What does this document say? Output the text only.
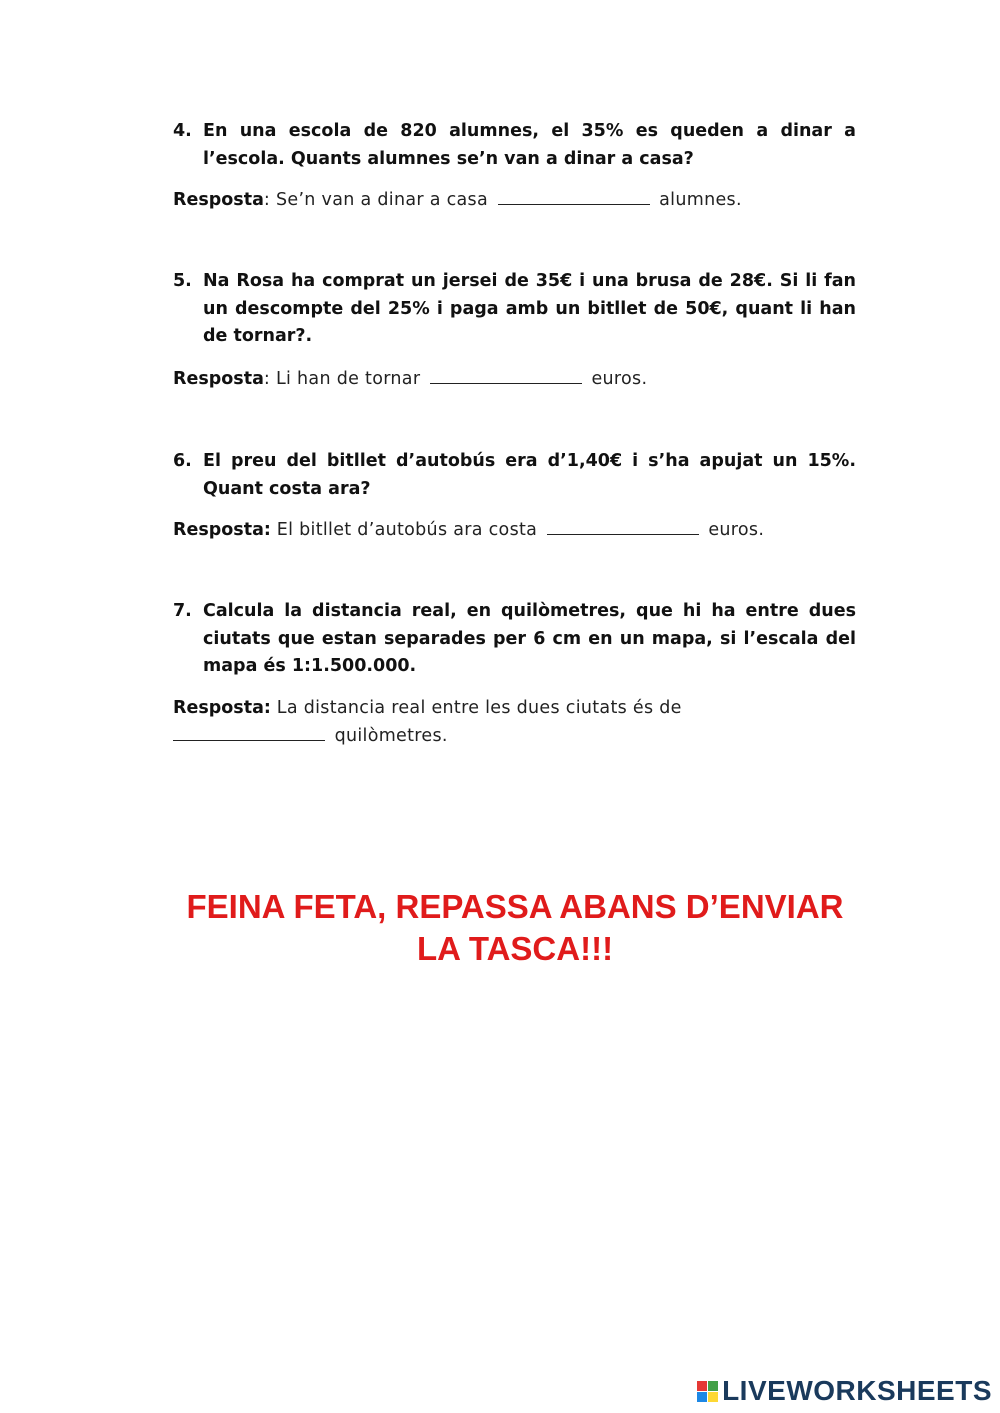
4. En una escola de 820 alumnes, el 35% es queden a dinar a l’escola. Quants alumnes se’n van a dinar a casa?
Resposta: Se’n van a dinar a casa	alumnes.
5. Na Rosa ha comprat un jersei de 35€ i una brusa de 28€. Si li fan un descompte del 25% i paga amb un bitllet de 50€, quant li han de tornar?.
Resposta: Li han de tornar	euros.
6. El preu del bitllet d’autobús era d’1,40€ i s’ha apujat un 15%. Quant costa ara?
Resposta: El bitllet d’autobús ara costa	euros.
7. Calcula la distancia real, en quilòmetres, que hi ha entre dues ciutats que estan separades per 6 cm en un mapa, si l’escala del mapa és 1:1.500.000.
Resposta: La distancia real entre les dues ciutats és de
quilòmetres.
FEINA FETA, REPASSA ABANS D’ENVIAR
LA TASCA!!!
LIVEWORKSHEETS
